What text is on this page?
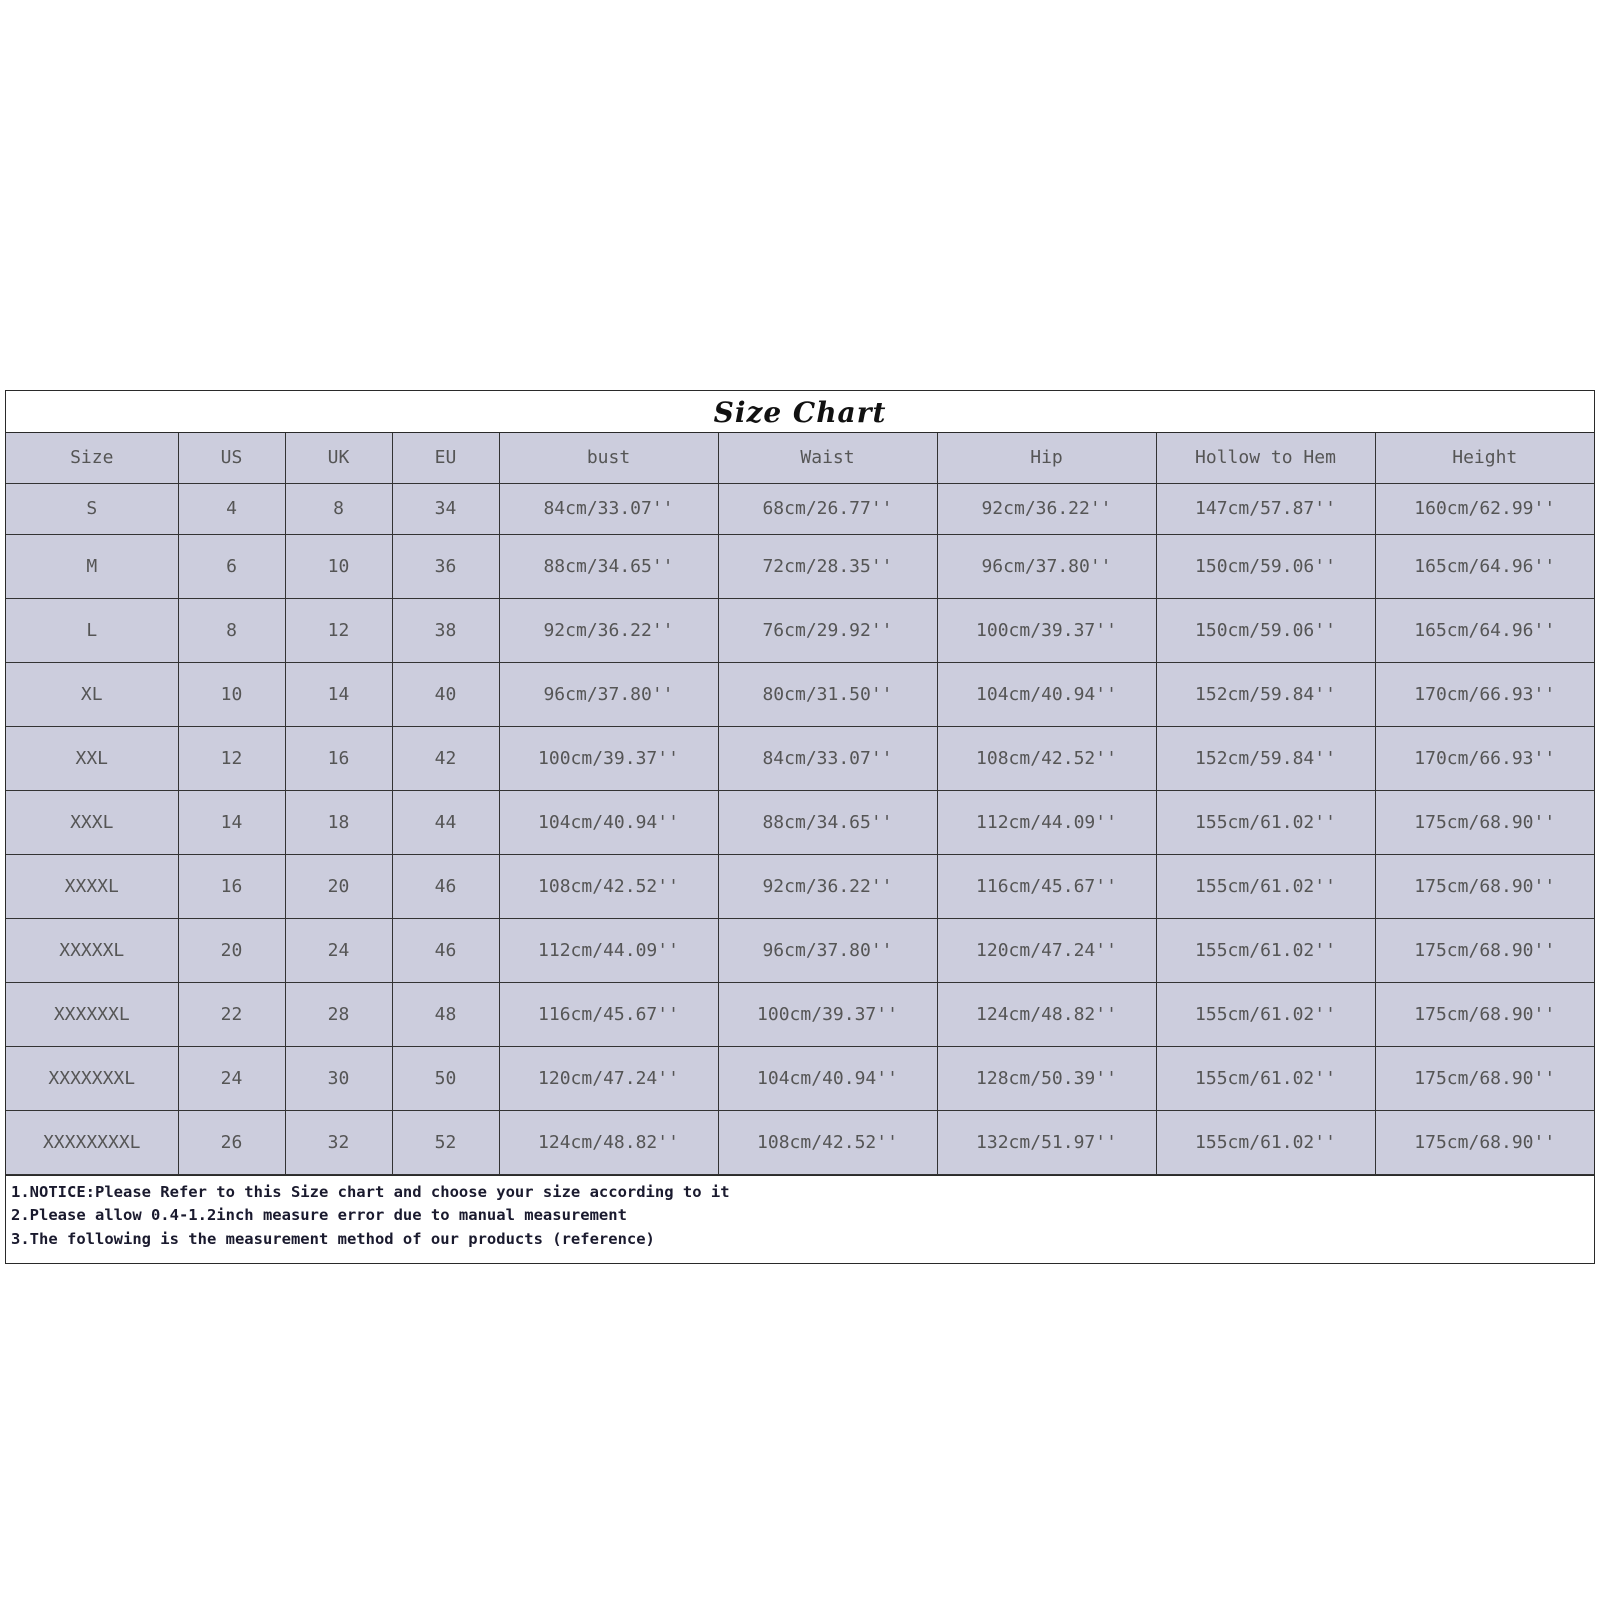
Size Chart
Size	US	UK	EU	bust	Waist	Hip	Hollow to Hem	Height
S	4	8	34	84cm/33.07''	68cm/26.77''	92cm/36.22''	147cm/57.87''	160cm/62.99''
M	6	10	36	88cm/34.65''	72cm/28.35''	96cm/37.80''	150cm/59.06''	165cm/64.96''
L	8	12	38	92cm/36.22''	76cm/29.92''	100cm/39.37''	150cm/59.06''	165cm/64.96''
XL	10	14	40	96cm/37.80''	80cm/31.50''	104cm/40.94''	152cm/59.84''	170cm/66.93''
XXL	12	16	42	100cm/39.37''	84cm/33.07''	108cm/42.52''	152cm/59.84''	170cm/66.93''
XXXL	14	18	44	104cm/40.94''	88cm/34.65''	112cm/44.09''	155cm/61.02''	175cm/68.90''
XXXXL	16	20	46	108cm/42.52''	92cm/36.22''	116cm/45.67''	155cm/61.02''	175cm/68.90''
XXXXXL	20	24	46	112cm/44.09''	96cm/37.80''	120cm/47.24''	155cm/61.02''	175cm/68.90''
XXXXXXL	22	28	48	116cm/45.67''	100cm/39.37''	124cm/48.82''	155cm/61.02''	175cm/68.90''
XXXXXXXL	24	30	50	120cm/47.24''	104cm/40.94''	128cm/50.39''	155cm/61.02''	175cm/68.90''
XXXXXXXXL	26	32	52	124cm/48.82''	108cm/42.52''	132cm/51.97''	155cm/61.02''	175cm/68.90''
1.NOTICE:Please Refer to this Size chart and choose your size according to it
2.Please allow 0.4-1.2inch measure error due to manual measurement
3.The following is the measurement method of our products (reference)
